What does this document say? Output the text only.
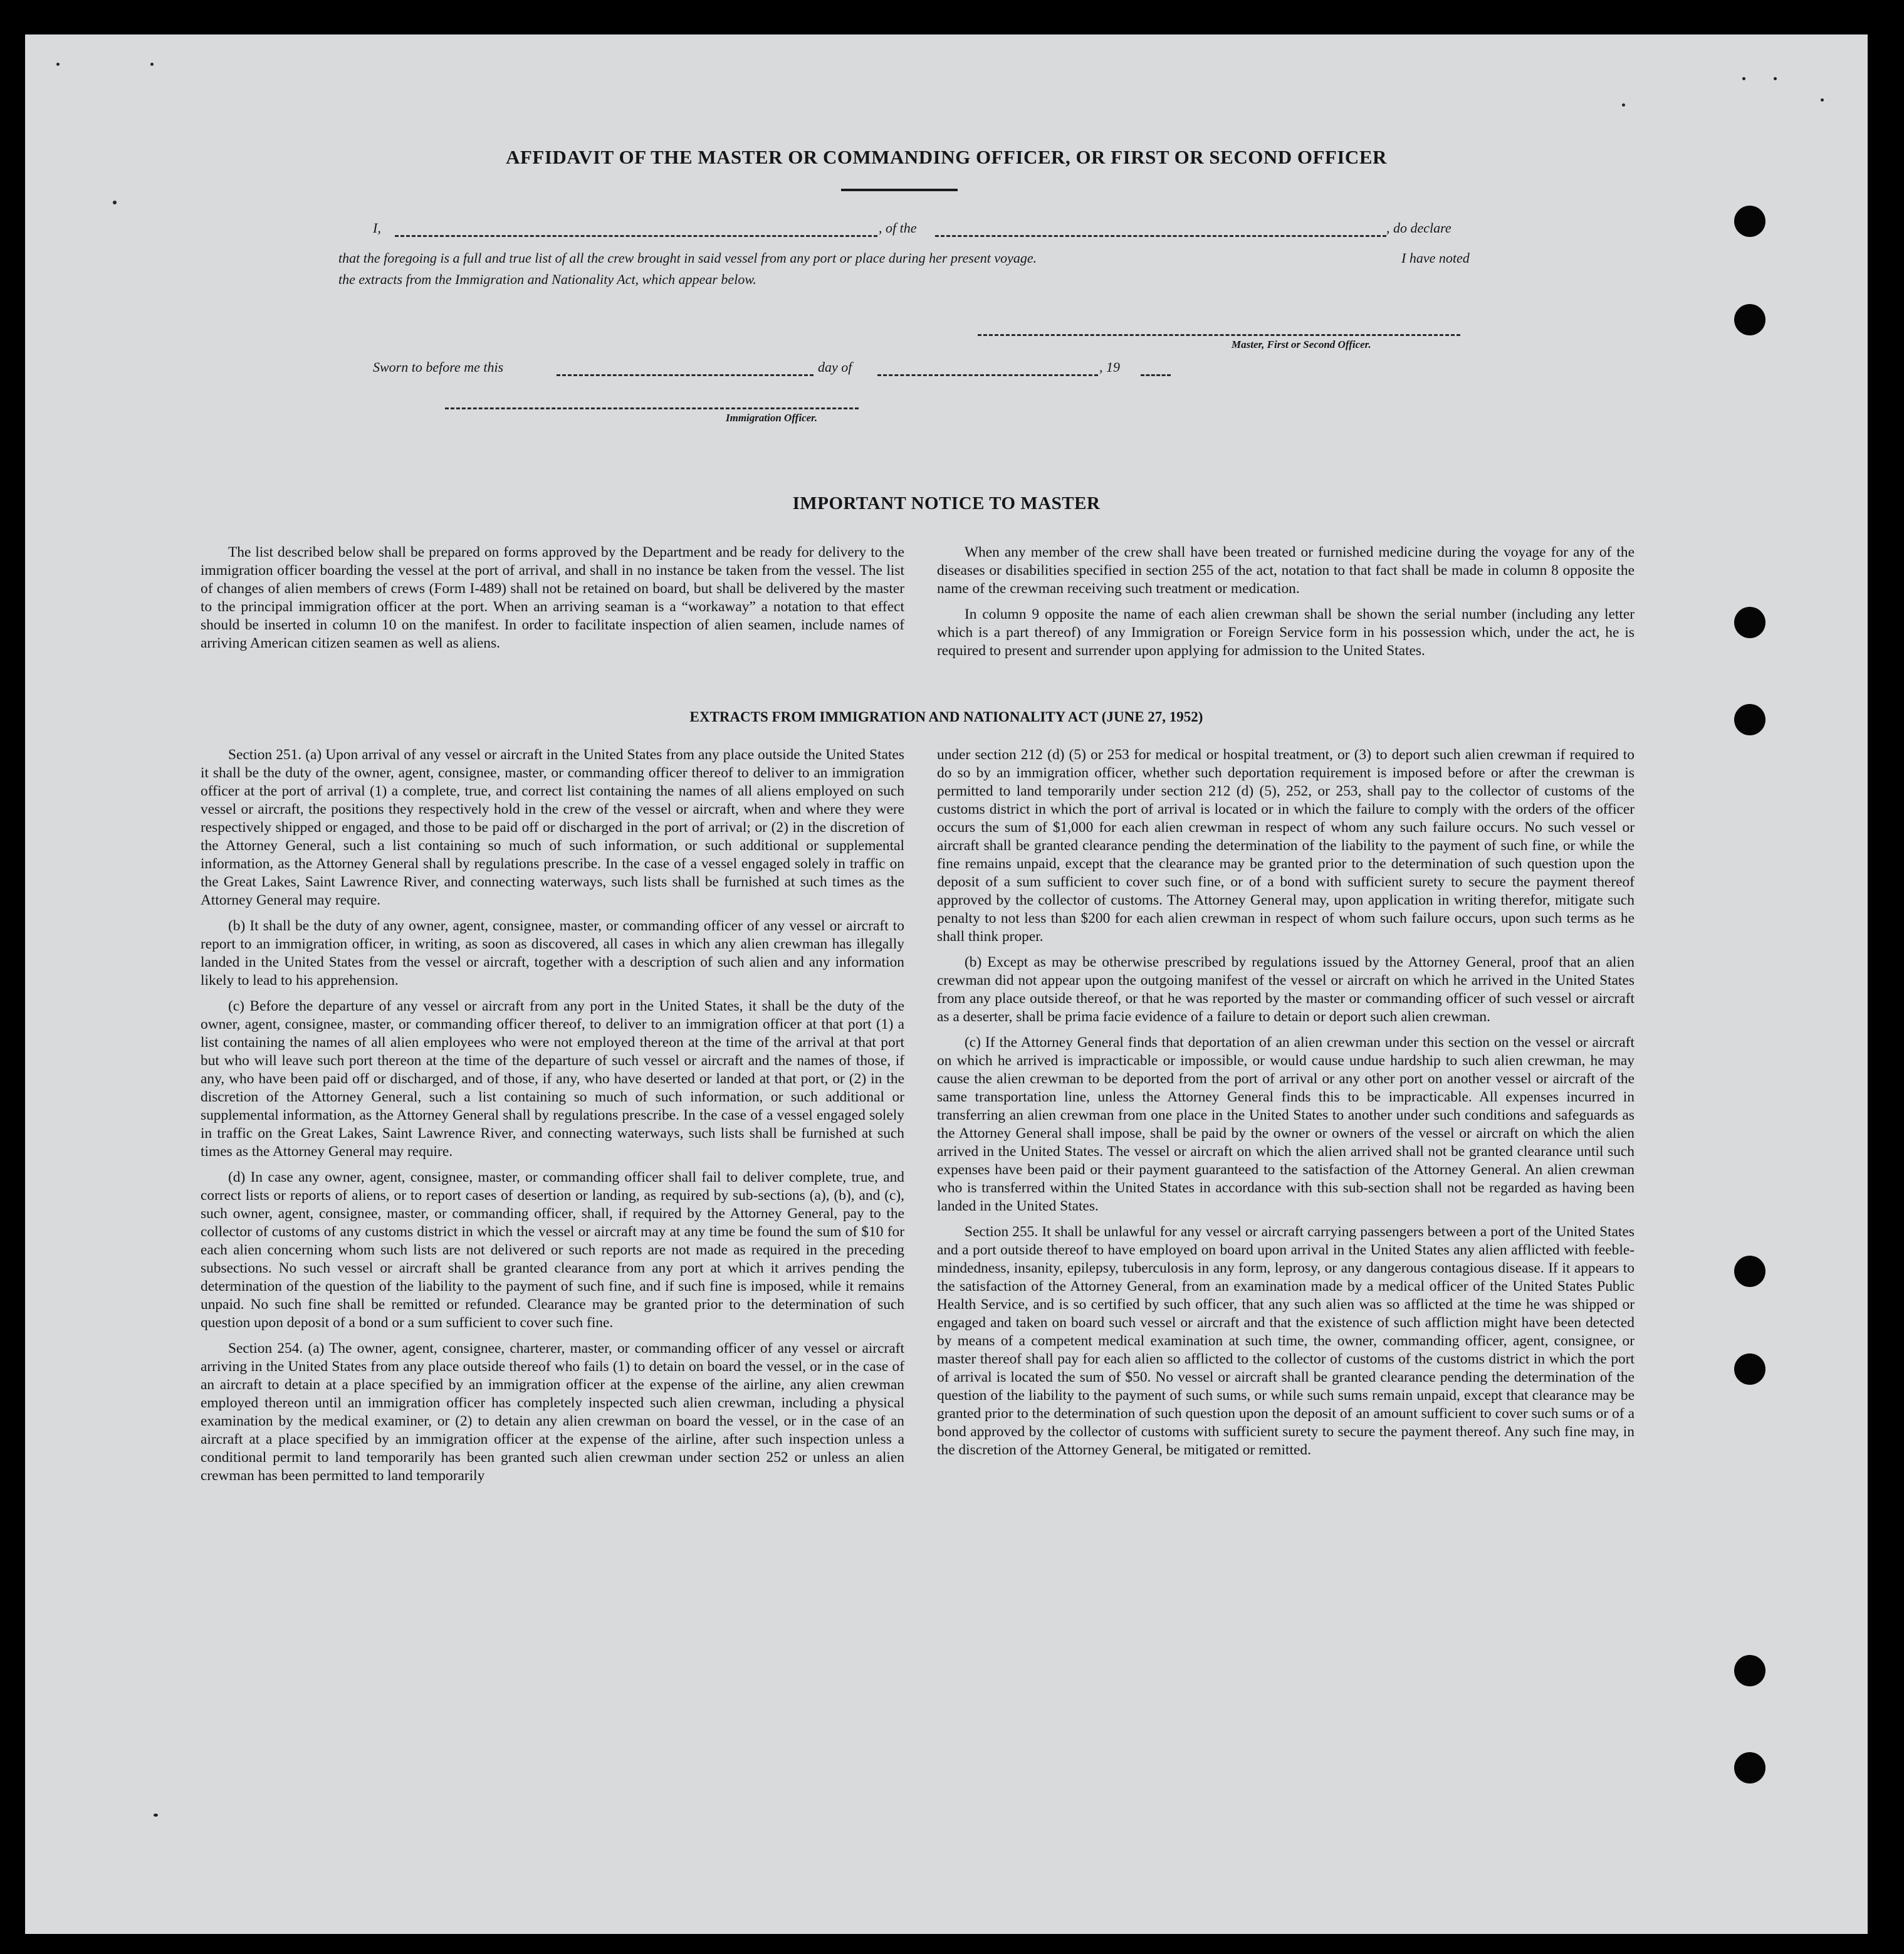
AFFIDAVIT OF THE MASTER OR COMMANDING OFFICER, OR FIRST OR SECOND OFFICER
I,	, of the	, do declare
that the foregoing is a full and true list of all the crew brought in said vessel from any port or place during her present voyage.	I have noted
the extracts from the Immigration and Nationality Act, which appear below.
Master, First or Second Officer.
Sworn to before me this	day of	, 19
Immigration Officer.
IMPORTANT NOTICE TO MASTER

The list described below shall be prepared on forms approved by the Department and be ready for delivery to the immigration officer boarding the vessel at the port of arrival, and shall in no instance be taken from the vessel. The list of changes of alien members of crews (Form I-489) shall not be retained on board, but shall be delivered by the master to the principal immigration officer at the port. When an arriving seaman is a “workaway” a notation to that effect should be inserted in column 10 on the manifest. In order to facilitate inspection of alien seamen, include names of arriving American citizen seamen as well as aliens.

When any member of the crew shall have been treated or furnished medicine during the voyage for any of the diseases or disabilities specified in section 255 of the act, notation to that fact shall be made in column 8 opposite the name of the crewman receiving such treatment or medication.

In column 9 opposite the name of each alien crewman shall be shown the serial number (including any letter which is a part thereof) of any Immigration or Foreign Service form in his possession which, under the act, he is required to present and surrender upon applying for admission to the United States.

EXTRACTS FROM IMMIGRATION AND NATIONALITY ACT (JUNE 27, 1952)

Section 251. (a) Upon arrival of any vessel or aircraft in the United States from any place outside the United States it shall be the duty of the owner, agent, consignee, master, or commanding officer thereof to deliver to an immigration officer at the port of arrival (1) a complete, true, and correct list containing the names of all aliens employed on such vessel or aircraft, the positions they respectively hold in the crew of the vessel or aircraft, when and where they were respectively shipped or engaged, and those to be paid off or discharged in the port of arrival; or (2) in the discretion of the Attorney General, such a list containing so much of such information, or such additional or supplemental information, as the Attorney General shall by regulations prescribe. In the case of a vessel engaged solely in traffic on the Great Lakes, Saint Lawrence River, and connecting waterways, such lists shall be furnished at such times as the Attorney General may require.

(b) It shall be the duty of any owner, agent, consignee, master, or commanding officer of any vessel or aircraft to report to an immigration officer, in writing, as soon as discovered, all cases in which any alien crewman has illegally landed in the United States from the vessel or aircraft, together with a description of such alien and any information likely to lead to his apprehension.

(c) Before the departure of any vessel or aircraft from any port in the United States, it shall be the duty of the owner, agent, consignee, master, or commanding officer thereof, to deliver to an immigration officer at that port (1) a list containing the names of all alien employees who were not employed thereon at the time of the arrival at that port but who will leave such port thereon at the time of the departure of such vessel or aircraft and the names of those, if any, who have been paid off or discharged, and of those, if any, who have deserted or landed at that port, or (2) in the discretion of the Attorney General, such a list containing so much of such information, or such additional or supplemental information, as the Attorney General shall by regulations prescribe. In the case of a vessel engaged solely in traffic on the Great Lakes, Saint Lawrence River, and connecting waterways, such lists shall be furnished at such times as the Attorney General may require.

(d) In case any owner, agent, consignee, master, or commanding officer shall fail to deliver complete, true, and correct lists or reports of aliens, or to report cases of desertion or landing, as required by sub-sections (a), (b), and (c), such owner, agent, consignee, master, or commanding officer, shall, if required by the Attorney General, pay to the collector of customs of any customs district in which the vessel or aircraft may at any time be found the sum of $10 for each alien concerning whom such lists are not delivered or such reports are not made as required in the preceding subsections. No such vessel or aircraft shall be granted clearance from any port at which it arrives pending the determination of the question of the liability to the payment of such fine, and if such fine is imposed, while it remains unpaid. No such fine shall be remitted or refunded. Clearance may be granted prior to the determination of such question upon deposit of a bond or a sum sufficient to cover such fine.

Section 254. (a) The owner, agent, consignee, charterer, master, or commanding officer of any vessel or aircraft arriving in the United States from any place outside thereof who fails (1) to detain on board the vessel, or in the case of an aircraft to detain at a place specified by an immigration officer at the expense of the airline, any alien crewman employed thereon until an immigration officer has completely inspected such alien crewman, including a physical examination by the medical examiner, or (2) to detain any alien crewman on board the vessel, or in the case of an aircraft at a place specified by an immigration officer at the expense of the airline, after such inspection unless a conditional permit to land temporarily has been granted such alien crewman under section 252 or unless an alien crewman has been permitted to land temporarily

under section 212 (d) (5) or 253 for medical or hospital treatment, or (3) to deport such alien crewman if required to do so by an immigration officer, whether such deportation requirement is imposed before or after the crewman is permitted to land temporarily under section 212 (d) (5), 252, or 253, shall pay to the collector of customs of the customs district in which the port of arrival is located or in which the failure to comply with the orders of the officer occurs the sum of $1,000 for each alien crewman in respect of whom any such failure occurs. No such vessel or aircraft shall be granted clearance pending the determination of the liability to the payment of such fine, or while the fine remains unpaid, except that the clearance may be granted prior to the determination of such question upon the deposit of a sum sufficient to cover such fine, or of a bond with sufficient surety to secure the payment thereof approved by the collector of customs. The Attorney General may, upon application in writing therefor, mitigate such penalty to not less than $200 for each alien crewman in respect of whom such failure occurs, upon such terms as he shall think proper.

(b) Except as may be otherwise prescribed by regulations issued by the Attorney General, proof that an alien crewman did not appear upon the outgoing manifest of the vessel or aircraft on which he arrived in the United States from any place outside thereof, or that he was reported by the master or commanding officer of such vessel or aircraft as a deserter, shall be prima facie evidence of a failure to detain or deport such alien crewman.

(c) If the Attorney General finds that deportation of an alien crewman under this section on the vessel or aircraft on which he arrived is impracticable or impossible, or would cause undue hardship to such alien crewman, he may cause the alien crewman to be deported from the port of arrival or any other port on another vessel or aircraft of the same transportation line, unless the Attorney General finds this to be impracticable. All expenses incurred in transferring an alien crewman from one place in the United States to another under such conditions and safeguards as the Attorney General shall impose, shall be paid by the owner or owners of the vessel or aircraft on which the alien arrived in the United States. The vessel or aircraft on which the alien arrived shall not be granted clearance until such expenses have been paid or their payment guaranteed to the satisfaction of the Attorney General. An alien crewman who is transferred within the United States in accordance with this sub-section shall not be regarded as having been landed in the United States.

Section 255. It shall be unlawful for any vessel or aircraft carrying passengers between a port of the United States and a port outside thereof to have employed on board upon arrival in the United States any alien afflicted with feeble-mindedness, insanity, epilepsy, tuberculosis in any form, leprosy, or any dangerous contagious disease. If it appears to the satisfaction of the Attorney General, from an examination made by a medical officer of the United States Public Health Service, and is so certified by such officer, that any such alien was so afflicted at the time he was shipped or engaged and taken on board such vessel or aircraft and that the existence of such affliction might have been detected by means of a competent medical examination at such time, the owner, commanding officer, agent, consignee, or master thereof shall pay for each alien so afflicted to the collector of customs of the customs district in which the port of arrival is located the sum of $50. No vessel or aircraft shall be granted clearance pending the determination of the question of the liability to the payment of such sums, or while such sums remain unpaid, except that clearance may be granted prior to the determination of such question upon the deposit of an amount sufficient to cover such sums or of a bond approved by the collector of customs with sufficient surety to secure the payment thereof. Any such fine may, in the discretion of the Attorney General, be mitigated or remitted.
